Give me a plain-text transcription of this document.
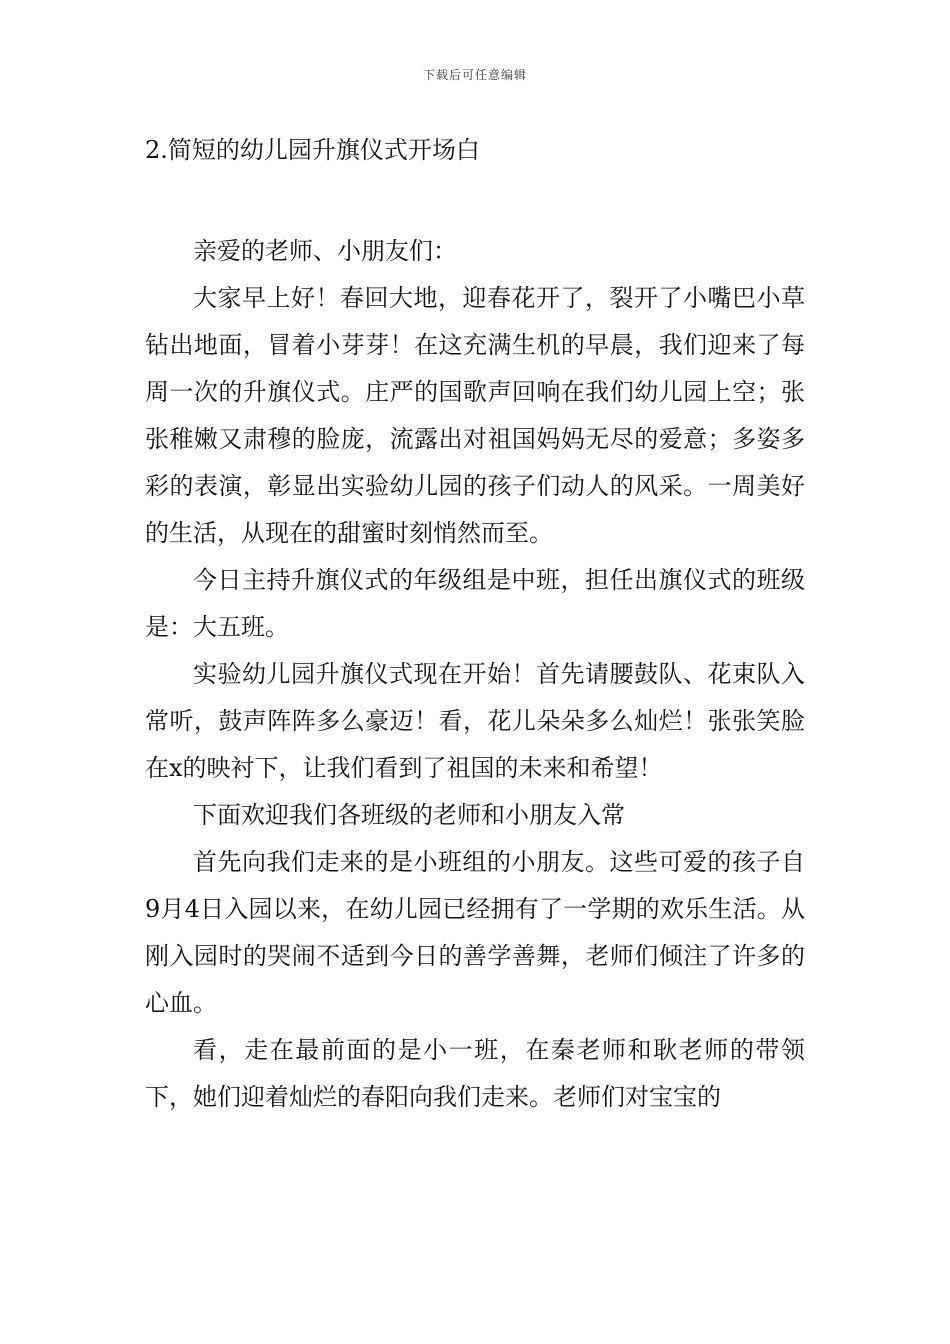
下载后可任意编辑
2.简短的幼儿园升旗仪式开场白

亲爱的老师、小朋友们：

大家早上好！春回大地，迎春花开了，裂开了小嘴巴小草钻出地面，冒着小芽芽！在这充满生机的早晨，我们迎来了每周一次的升旗仪式。庄严的国歌声回响在我们幼儿园上空；张张稚嫩又肃穆的脸庞，流露出对祖国妈妈无尽的爱意；多姿多彩的表演，彰显出实验幼儿园的孩子们动人的风采。一周美好的生活，从现在的甜蜜时刻悄然而至。

今日主持升旗仪式的年级组是中班，担任出旗仪式的班级是：大五班。

实验幼儿园升旗仪式现在开始！首先请腰鼓队、花束队入常听，鼓声阵阵多么豪迈！看，花儿朵朵多么灿烂！张张笑脸在x的映衬下，让我们看到了祖国的未来和希望！

下面欢迎我们各班级的老师和小朋友入常

首先向我们走来的是小班组的小朋友。这些可爱的孩子自9月4日入园以来，在幼儿园已经拥有了一学期的欢乐生活。从刚入园时的哭闹不适到今日的善学善舞，老师们倾注了许多的心血。

看，走在最前面的是小一班，在秦老师和耿老师的带领下，她们迎着灿烂的春阳向我们走来。老师们对宝宝的
